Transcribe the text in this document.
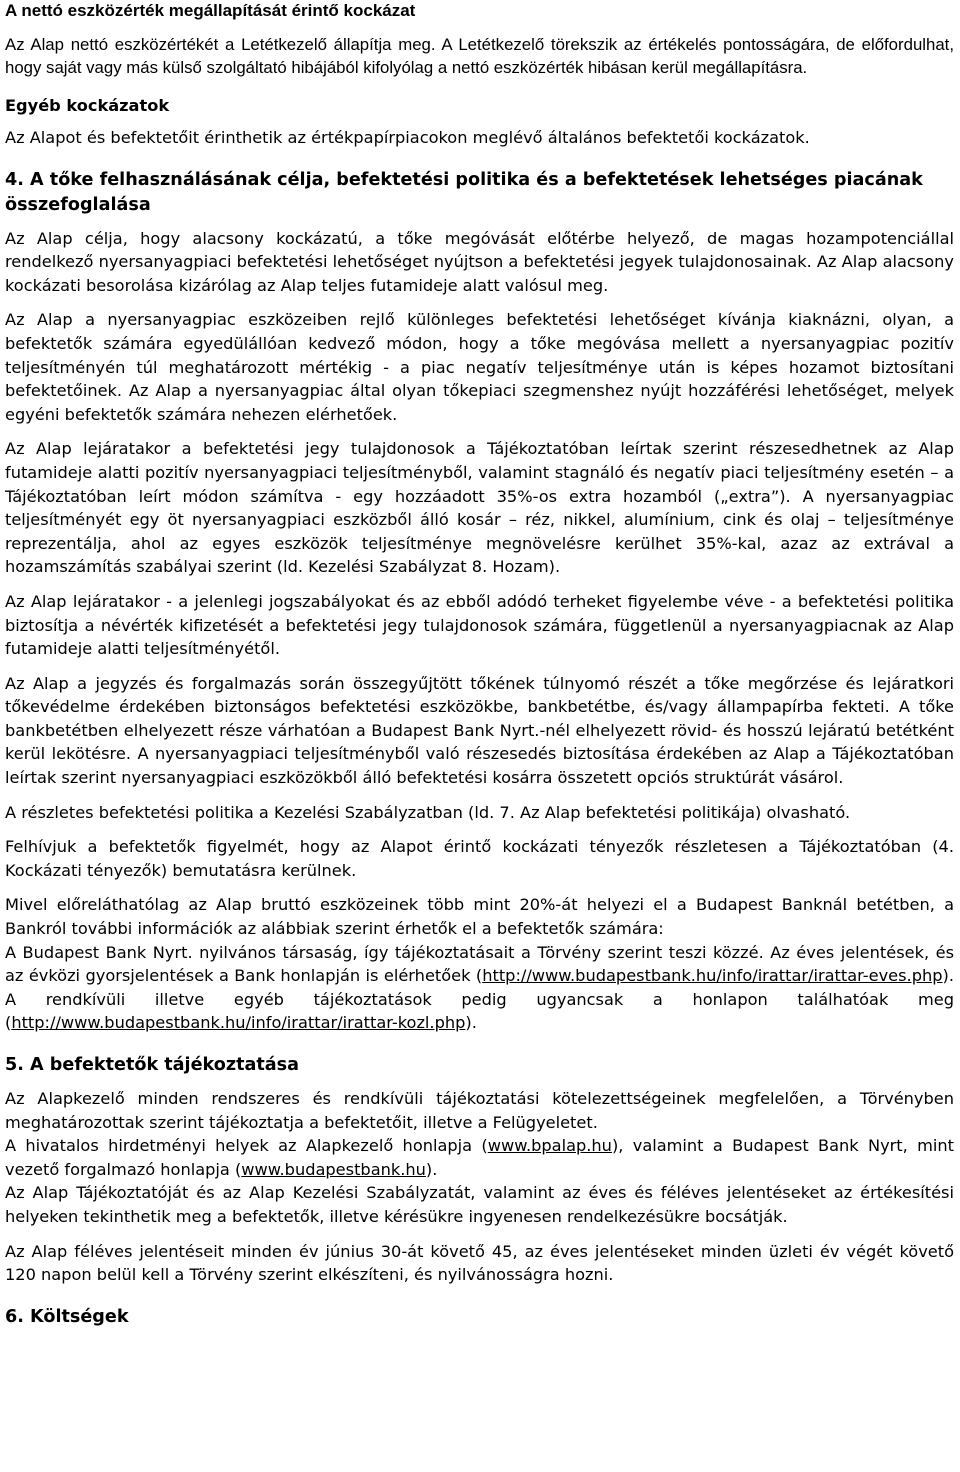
A nettó eszközérték megállapítását érintő kockázat

Az Alap nettó eszközértékét a Letétkezelő állapítja meg. A Letétkezelő törekszik az értékelés pontosságára, de előfordulhat, hogy saját vagy más külső szolgáltató hibájából kifolyólag a nettó eszközérték hibásan kerül megállapításra.

Egyéb kockázatok

Az Alapot és befektetőit érinthetik az értékpapírpiacokon meglévő általános befektetői kockázatok.

4. A tőke felhasználásának célja, befektetési politika és a befektetések lehetséges piacának összefoglalása

Az Alap célja, hogy alacsony kockázatú, a tőke megóvását előtérbe helyező, de magas hozampotenciállal rendelkező nyersanyagpiaci befektetési lehetőséget nyújtson a befektetési jegyek tulajdonosainak. Az Alap alacsony kockázati besorolása kizárólag az Alap teljes futamideje alatt valósul meg.

Az Alap a nyersanyagpiac eszközeiben rejlő különleges befektetési lehetőséget kívánja kiaknázni, olyan, a befektetők számára egyedülállóan kedvező módon, hogy a tőke megóvása mellett a nyersanyagpiac pozitív teljesítményén túl meghatározott mértékig - a piac negatív teljesítménye után is képes hozamot biztosítani befektetőinek. Az Alap a nyersanyagpiac által olyan tőkepiaci szegmenshez nyújt hozzáférési lehetőséget, melyek egyéni befektetők számára nehezen elérhetőek.

Az Alap lejáratakor a befektetési jegy tulajdonosok a Tájékoztatóban leírtak szerint részesedhetnek az Alap futamideje alatti pozitív nyersanyagpiaci teljesítményből, valamint stagnáló és negatív piaci teljesítmény esetén – a Tájékoztatóban leírt módon számítva - egy hozzáadott 35%-os extra hozamból („extra”). A nyersanyagpiac teljesítményét egy öt nyersanyagpiaci eszközből álló kosár – réz, nikkel, alumínium, cink és olaj – teljesítménye reprezentálja, ahol az egyes eszközök teljesítménye megnövelésre kerülhet 35%-kal, azaz az extrával a hozamszámítás szabályai szerint (ld. Kezelési Szabályzat 8. Hozam).

Az Alap lejáratakor - a jelenlegi jogszabályokat és az ebből adódó terheket figyelembe véve - a befektetési politika biztosítja a névérték kifizetését a befektetési jegy tulajdonosok számára, függetlenül a nyersanyagpiacnak az Alap futamideje alatti teljesítményétől.

Az Alap a jegyzés és forgalmazás során összegyűjtött tőkének túlnyomó részét a tőke megőrzése és lejáratkori tőkevédelme érdekében biztonságos befektetési eszközökbe, bankbetétbe, és/vagy állampapírba fekteti. A tőke bankbetétben elhelyezett része várhatóan a Budapest Bank Nyrt.-nél elhelyezett rövid- és hosszú lejáratú betétként kerül lekötésre. A nyersanyagpiaci teljesítményből való részesedés biztosítása érdekében az Alap a Tájékoztatóban leírtak szerint nyersanyagpiaci eszközökből álló befektetési kosárra összetett opciós struktúrát vásárol.

A részletes befektetési politika a Kezelési Szabályzatban (ld. 7. Az Alap befektetési politikája) olvasható.

Felhívjuk a befektetők figyelmét, hogy az Alapot érintő kockázati tényezők részletesen a Tájékoztatóban (4. Kockázati tényezők) bemutatásra kerülnek.

Mivel előreláthatólag az Alap bruttó eszközeinek több mint 20%-át helyezi el a Budapest Banknál betétben, a Bankról további információk az alábbiak szerint érhetők el a befektetők számára:

A Budapest Bank Nyrt. nyilvános társaság, így tájékoztatásait a Törvény szerint teszi közzé. Az éves jelentések, és az évközi gyorsjelentések a Bank honlapján is elérhetőek (http://www.budapestbank.hu/info/irattar/irattar-eves.php). A rendkívüli illetve egyéb tájékoztatások pedig ugyancsak a honlapon találhatóak meg (http://www.budapestbank.hu/info/irattar/irattar-kozl.php).

5. A befektetők tájékoztatása

Az Alapkezelő minden rendszeres és rendkívüli tájékoztatási kötelezettségeinek megfelelően, a Törvényben meghatározottak szerint tájékoztatja a befektetőit, illetve a Felügyeletet.

A hivatalos hirdetményi helyek az Alapkezelő honlapja (www.bpalap.hu), valamint a Budapest Bank Nyrt, mint vezető forgalmazó honlapja (www.budapestbank.hu).

Az Alap Tájékoztatóját és az Alap Kezelési Szabályzatát, valamint az éves és féléves jelentéseket az értékesítési helyeken tekinthetik meg a befektetők, illetve kérésükre ingyenesen rendelkezésükre bocsátják.

Az Alap féléves jelentéseit minden év június 30-át követő 45, az éves jelentéseket minden üzleti év végét követő 120 napon belül kell a Törvény szerint elkészíteni, és nyilvánosságra hozni.

6. Költségek
